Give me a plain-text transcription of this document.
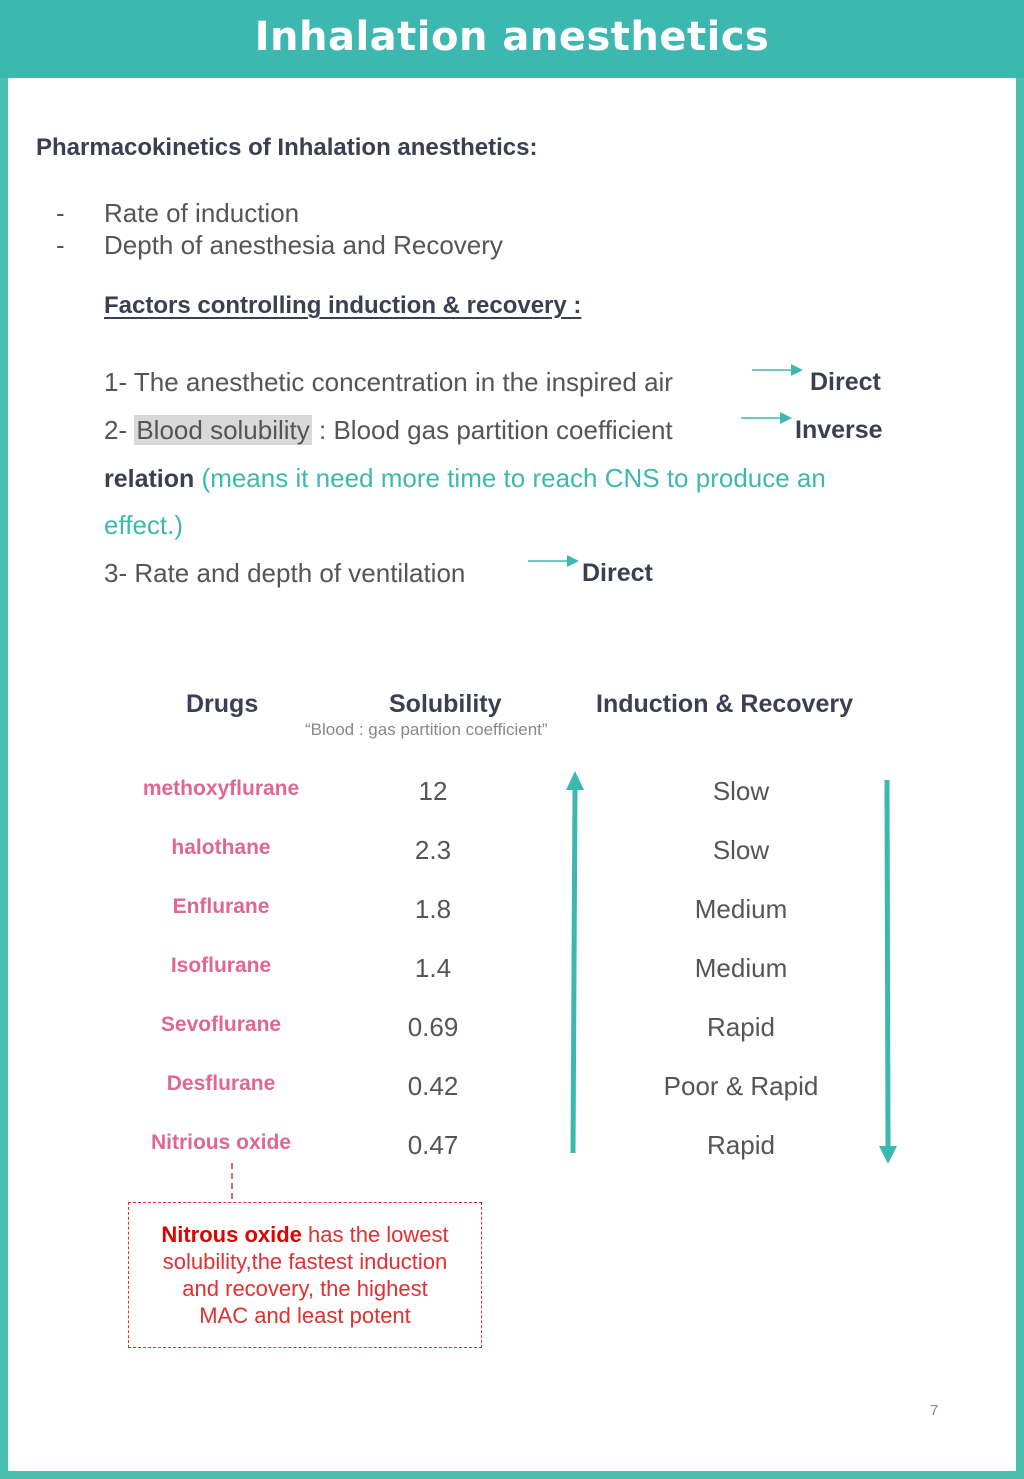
Inhalation anesthetics
Pharmacokinetics of Inhalation anesthetics:
- Rate of induction
- Depth of anesthesia and Recovery
Factors controlling induction & recovery :
1- The anesthetic concentration in the inspired air	Direct
2- Blood solubility : Blood gas partition coefficient	Inverse
relation (means it need more time to reach CNS to produce an
effect.)
3- Rate and depth of ventilation	Direct
Drugs	Solubility
“Blood : gas partition coefficient”
Induction & Recovery
methoxyflurane	12	Slow
halothane	2.3	Slow
Enflurane	1.8	Medium
Isoflurane	1.4	Medium
Sevoflurane	0.69	Rapid
Desflurane	0.42	Poor & Rapid
Nitrious oxide	0.47	Rapid
Nitrous oxide has the lowest
solubility,the fastest induction
and recovery, the highest
MAC and least potent
7
